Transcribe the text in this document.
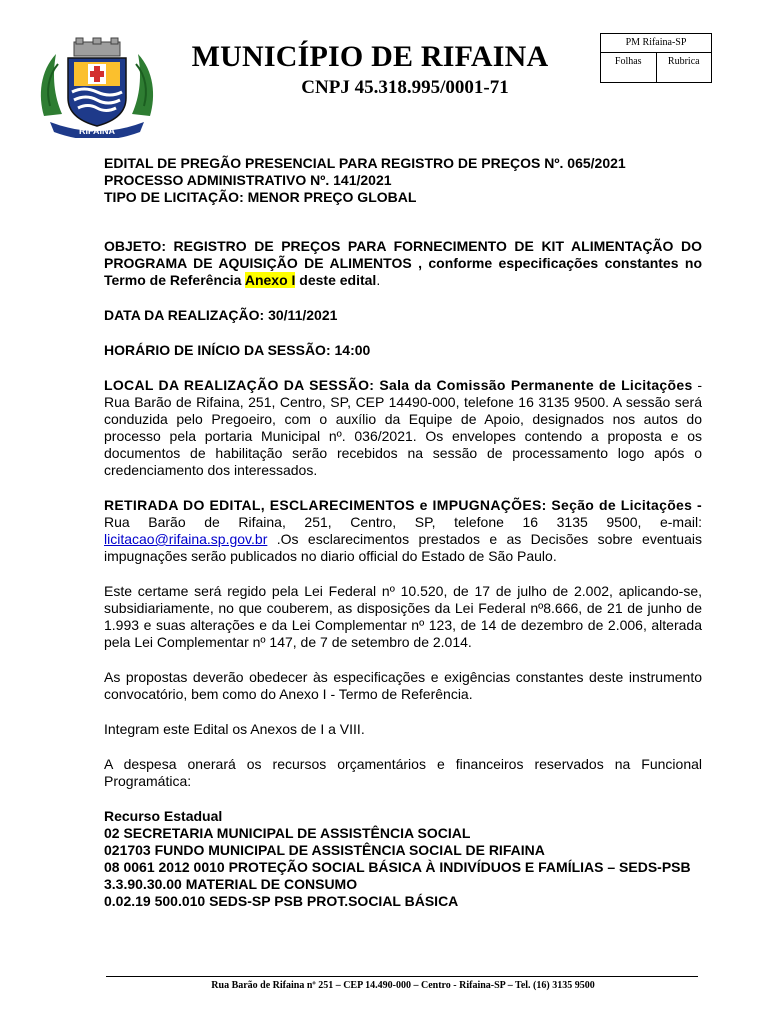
RIFAINA
MUNICÍPIO DE RIFAINA
CNPJ 45.318.995/0001-71
PM Rifaina-SP
Folhas	Rubrica

EDITAL DE PREGÃO PRESENCIAL PARA REGISTRO DE PREÇOS Nº. 065/2021

PROCESSO ADMINISTRATIVO Nº. 141/2021

TIPO DE LICITAÇÃO: MENOR PREÇO GLOBAL

OBJETO: REGISTRO DE PREÇOS PARA FORNECIMENTO DE KIT ALIMENTAÇÃO DO PROGRAMA DE AQUISIÇÃO DE ALIMENTOS , conforme especificações constantes no Termo de Referência Anexo I deste edital.

DATA DA REALIZAÇÃO: 30/11/2021

HORÁRIO DE INÍCIO DA SESSÃO: 14:00

LOCAL DA REALIZAÇÃO DA SESSÃO: Sala da Comissão Permanente de Licitações - Rua Barão de Rifaina, 251, Centro, SP, CEP 14490-000, telefone 16 3135 9500. A sessão será conduzida pelo Pregoeiro, com o auxílio da Equipe de Apoio, designados nos autos do processo pela portaria Municipal nº. 036/2021. Os envelopes contendo a proposta e os documentos de habilitação serão recebidos na sessão de processamento logo após o credenciamento dos interessados.

RETIRADA DO EDITAL, ESCLARECIMENTOS e IMPUGNAÇÕES: Seção de Licitações -Rua Barão de Rifaina, 251, Centro, SP, telefone 16 3135 9500, e-mail: licitacao@rifaina.sp.gov.br .Os esclarecimentos prestados e as Decisões sobre eventuais impugnações serão publicados no diario official do Estado de São Paulo.

Este certame será regido pela Lei Federal nº 10.520, de 17 de julho de 2.002, aplicando-se, subsidiariamente, no que couberem, as disposições da Lei Federal nº8.666, de 21 de junho de 1.993 e suas alterações e da Lei Complementar nº 123, de 14 de dezembro de 2.006, alterada pela Lei Complementar nº 147, de 7 de setembro de 2.014.

As propostas deverão obedecer às especificações e exigências constantes deste instrumento convocatório, bem como do Anexo I - Termo de Referência.

Integram este Edital os Anexos de I a VIII.

A despesa onerará os recursos orçamentários e financeiros reservados na Funcional Programática:

Recurso Estadual

02 SECRETARIA MUNICIPAL DE ASSISTÊNCIA SOCIAL

021703 FUNDO MUNICIPAL DE ASSISTÊNCIA SOCIAL DE RIFAINA

08 0061 2012 0010 PROTEÇÃO SOCIAL BÁSICA À INDIVÍDUOS E FAMÍLIAS – SEDS-PSB

3.3.90.30.00 MATERIAL DE CONSUMO

0.02.19 500.010 SEDS-SP PSB PROT.SOCIAL BÁSICA

Rua Barão de Rifaina nº 251 – CEP 14.490-000 – Centro - Rifaina-SP – Tel. (16) 3135 9500
